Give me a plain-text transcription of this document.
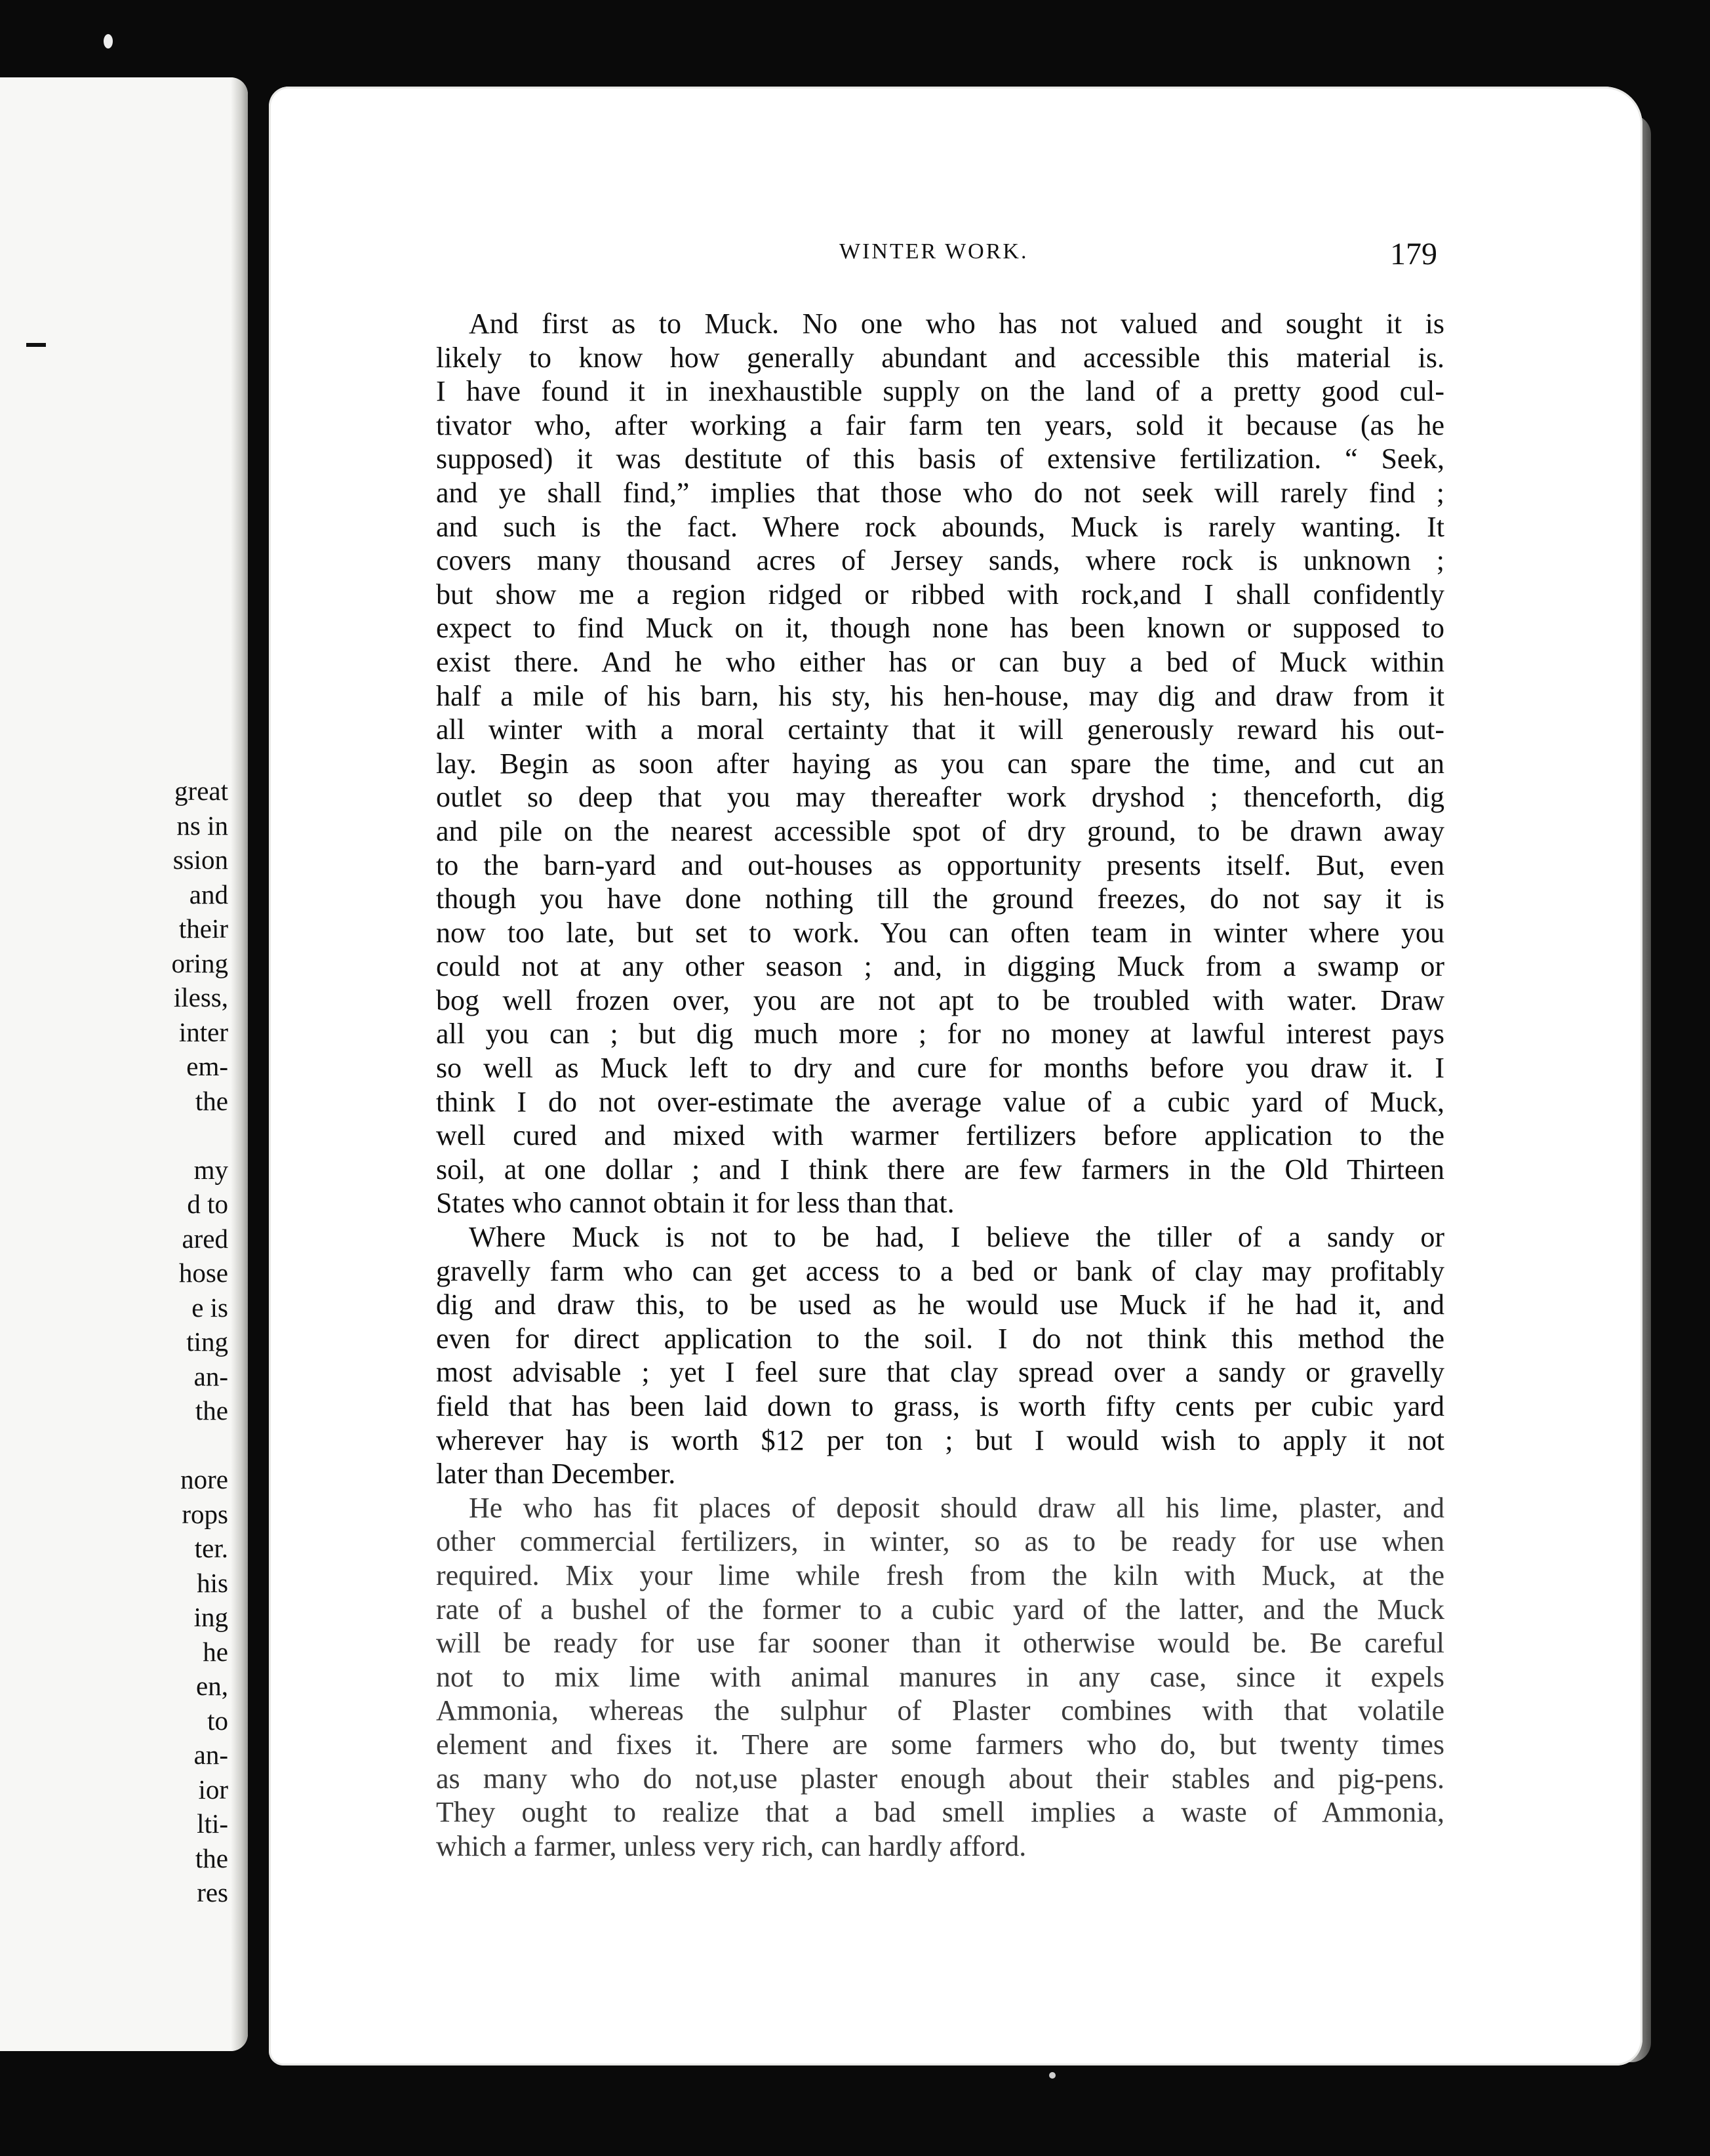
great
ns in
ssion
and
their
oring
iless,
inter
em-
the
my
d to
ared
hose
e is
ting
an-
the
nore
rops
ter.
his
ing
he
en,
to
an-
ior
lti-
the
res
WINTER WORK.	179
And first as to Muck. No one who has not valued and sought it is
likely to know how generally abundant and accessible this material is.
I have found it in inexhaustible supply on the land of a pretty good cul-
tivator who, after working a fair farm ten years, sold it because (as he
supposed) it was destitute of this basis of extensive fertilization. “ Seek,
and ye shall find,” implies that those who do not seek will rarely find ;
and such is the fact. Where rock abounds, Muck is rarely wanting. It
covers many thousand acres of Jersey sands, where rock is unknown ;
but show me a region ridged or ribbed with rock,and I shall confidently
expect to find Muck on it, though none has been known or supposed to
exist there. And he who either has or can buy a bed of Muck within
half a mile of his barn, his sty, his hen-house, may dig and draw from it
all winter with a moral certainty that it will generously reward his out-
lay. Begin as soon after haying as you can spare the time, and cut an
outlet so deep that you may thereafter work dryshod ; thenceforth, dig
and pile on the nearest accessible spot of dry ground, to be drawn away
to the barn-yard and out-houses as opportunity presents itself. But, even
though you have done nothing till the ground freezes, do not say it is
now too late, but set to work. You can often team in winter where you
could not at any other season ; and, in digging Muck from a swamp or
bog well frozen over, you are not apt to be troubled with water. Draw
all you can ; but dig much more ; for no money at lawful interest pays
so well as Muck left to dry and cure for months before you draw it. I
think I do not over-estimate the average value of a cubic yard of Muck,
well cured and mixed with warmer fertilizers before application to the
soil, at one dollar ; and I think there are few farmers in the Old Thirteen
States who cannot obtain it for less than that.
Where Muck is not to be had, I believe the tiller of a sandy or
gravelly farm who can get access to a bed or bank of clay may profitably
dig and draw this, to be used as he would use Muck if he had it, and
even for direct application to the soil. I do not think this method the
most advisable ; yet I feel sure that clay spread over a sandy or gravelly
field that has been laid down to grass, is worth fifty cents per cubic yard
wherever hay is worth $12 per ton ; but I would wish to apply it not
later than December.
He who has fit places of deposit should draw all his lime, plaster, and
other commercial fertilizers, in winter, so as to be ready for use when
required. Mix your lime while fresh from the kiln with Muck, at the
rate of a bushel of the former to a cubic yard of the latter, and the Muck
will be ready for use far sooner than it otherwise would be. Be careful
not to mix lime with animal manures in any case, since it expels
Ammonia, whereas the sulphur of Plaster combines with that volatile
element and fixes it. There are some farmers who do, but twenty times
as many who do not,use plaster enough about their stables and pig-pens.
They ought to realize that a bad smell implies a waste of Ammonia,
which a farmer, unless very rich, can hardly afford.
